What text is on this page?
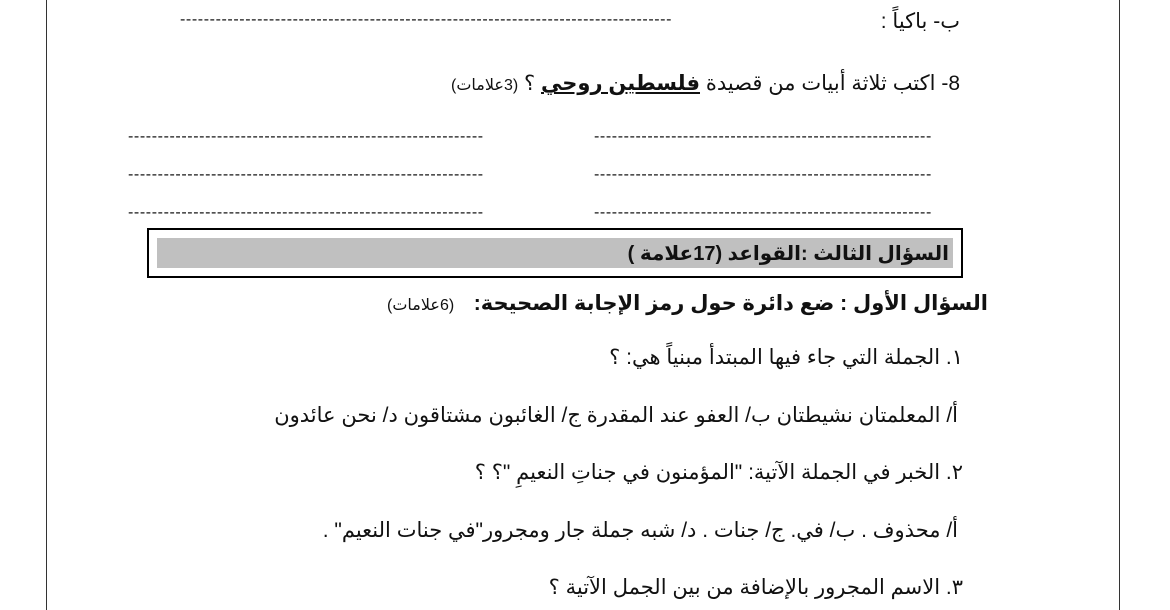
ب- باكياً :
-----------------------------------------------------------------------------------
8- اكتب ثلاثة أبيات من قصيدة فلسطين روحي ؟ (3علامات)
---------------------------------------------------------
---------------------------------------------------------
---------------------------------------------------------
------------------------------------------------------------
------------------------------------------------------------
------------------------------------------------------------
السؤال الثالث :القواعد (17علامة )
السؤال الأول : ضع دائرة حول رمز الإجابة الصحيحة:
(6علامات)
١. الجملة التي جاء فيها المبتدأ مبنياً هي: ؟
أ/ المعلمتان نشيطتان ب/ العفو عند المقدرة ج/ الغائبون مشتاقون د/ نحن عائدون
٢. الخبر في الجملة الآتية: "المؤمنون في جناتِ النعيمِ "؟ ؟
أ/ محذوف . ب/ في. ج/ جنات . د/ شبه جملة جار ومجرور"في جنات النعيم" .
٣. الاسم المجرور بالإضافة من بين الجمل الآتية ؟
